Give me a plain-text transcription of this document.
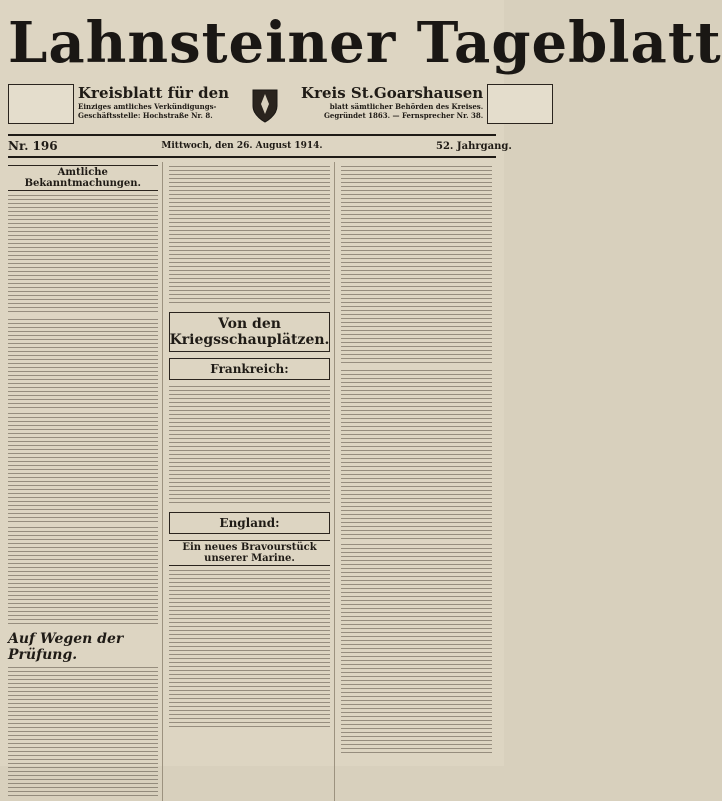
Lahnsteiner Tageblatt
Kreisblatt für den
Einziges amtliches Verkündigungs-
Geschäftsstelle: Hochstraße Nr. 8.
Kreis St.Goarshausen
blatt sämtlicher Behörden des Kreises.
Gegründet 1863. — Fernsprecher Nr. 38.
Nr. 196	Mittwoch, den 26. August 1914.	52. Jahrgang.
Amtliche Bekanntmachungen.
Auf Wegen der Prüfung.
Von den Kriegsschauplätzen.
Frankreich:
England:
Ein neues Bravourstück unserer Marine.
